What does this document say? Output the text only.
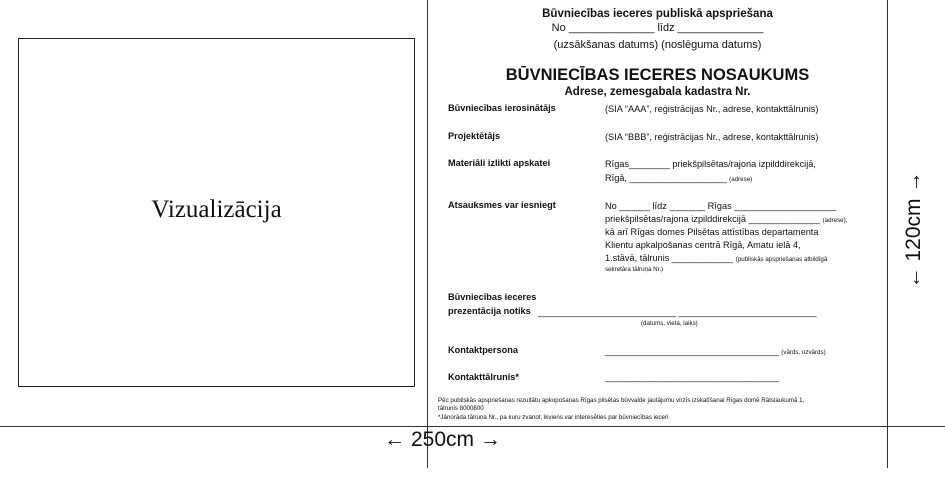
Vizualizācija
Būvniecības ieceres publiskā apspriešana
No ______________ līdz ______________
(uzsākšanas datums) (noslēguma datums)
BŪVNIECĪBAS IECERES NOSAUKUMS
Adrese, zemesgabala kadastra Nr.
Būvniecības ierosinātājs	(SIA “AAA”, reģistrācijas Nr., adrese, kontakttālrunis)
Projektētājs	(SIA “BBB”, reģistrācijas Nr., adrese, kontakttālrunis)
Materiāli izlikti apskatei	Rīgas________ priekšpilsētas/rajona izpilddirekcijā,
Rīgā, ___________________ (adrese)
Atsauksmes var iesniegt	No ______ līdz _______ Rīgas ____________________
priekšpilsētas/rajona izpilddirekcijā ______________ (adrese),
kā arī Rīgas domes Pilsētas attīstības departamenta
Klientu apkalpošanas centrā Rīgā, Amatu ielā 4,
1.stāvā, tālrunis ____________ (publiskās apspriešanas atbildīgā
sekretāra tālruņa Nr.)
Būvniecības ieceres
prezentācija notiks ___________________________ ___________________________
(datums, vieta, laiks)
Kontaktpersona	__________________________________ (vārds, uzvārds)
Kontakttālrunis*	__________________________________
Pēc publiskās apspriešanas rezultātu apkopošanas Rīgas pilsētas būvvalde jautājumu virzīs izskatīšanai Rīgas domē Rātslaukumā 1,
tālrunis 8000800
*Jānorāda tālruņa Nr., pa kuru zvanot, ikviens var interesēties par būvniecības ieceri
← 250cm →
← 120cm →
